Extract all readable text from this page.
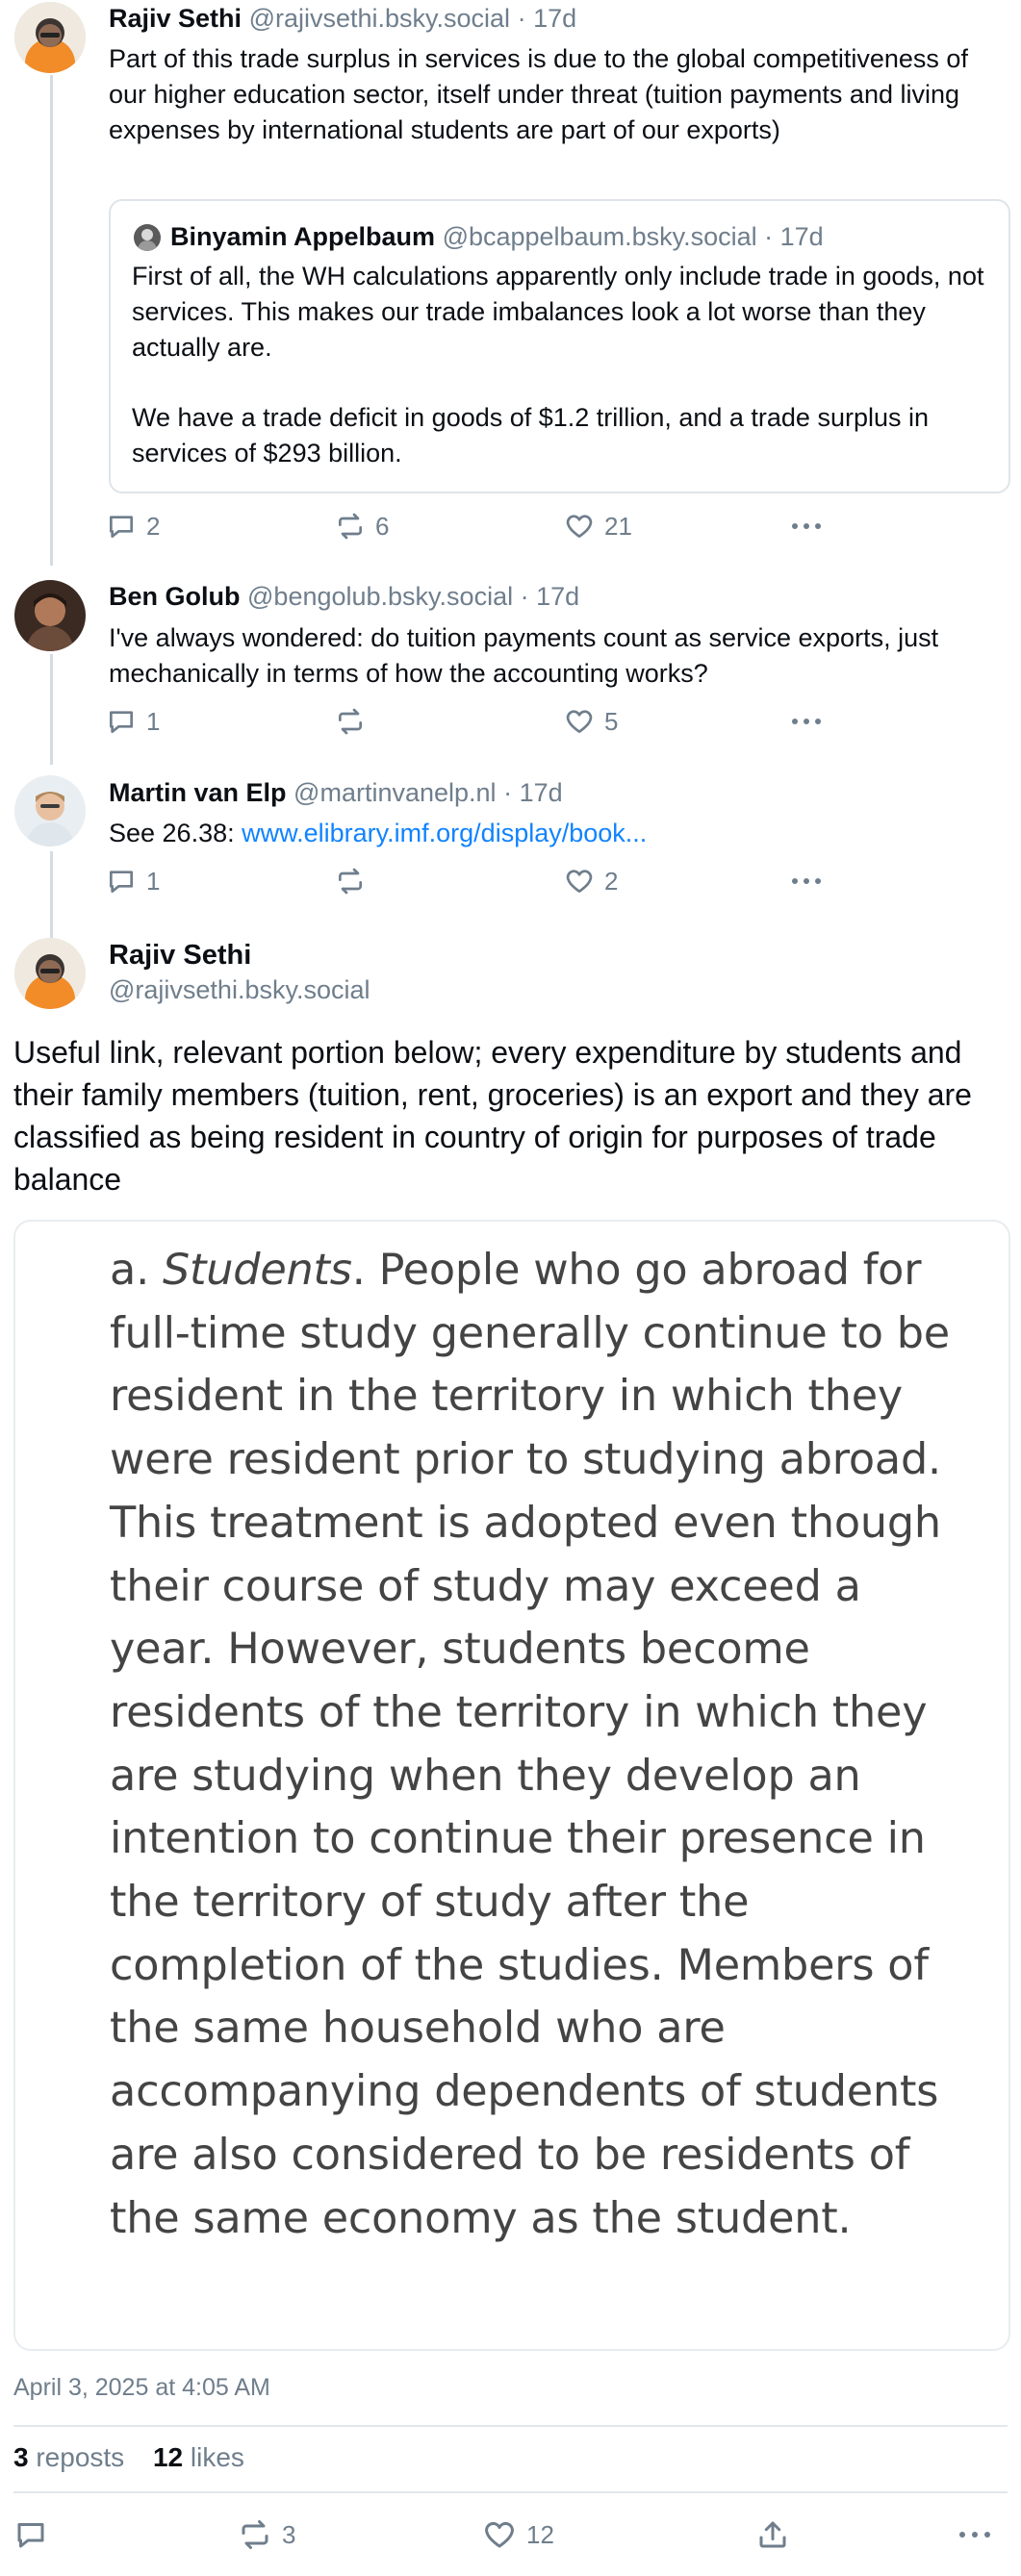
Rajiv Sethi @rajivsethi.bsky.social · 17d
Part of this trade surplus in services is due to the global competitiveness of our higher education sector, itself under threat (tuition payments and living expenses by international students are part of our exports)
Binyamin Appelbaum @bcappelbaum.bsky.social · 17d
First of all, the WH calculations apparently only include trade in goods, not services. This makes our trade imbalances look a lot worse than they actually are.
We have a trade deficit in goods of $1.2 trillion, and a trade surplus in services of $293 billion.
2	6	21
Ben Golub @bengolub.bsky.social · 17d
I've always wondered: do tuition payments count as service exports, just mechanically in terms of how the accounting works?
1	5
Martin van Elp @martinvanelp.nl · 17d
See 26.38: www.elibrary.imf.org/display/book...
1	2
Rajiv Sethi
@rajivsethi.bsky.social
Useful link, relevant portion below; every expenditure by students and their family members (tuition, rent, groceries) is an export and they are classified as being resident in country of origin for purposes of trade balance
a. Students. People who go abroad for full-time study generally continue to be resident in the territory in which they were resident prior to studying abroad. This treatment is adopted even though their course of study may exceed a year. However, students become residents of the territory in which they are studying when they develop an intention to continue their presence in the territory of study after the completion of the studies. Members of the same household who are accompanying dependents of students are also considered to be residents of the same economy as the student.
April 3, 2025 at 4:05 AM
3 reposts 12 likes
3	12
